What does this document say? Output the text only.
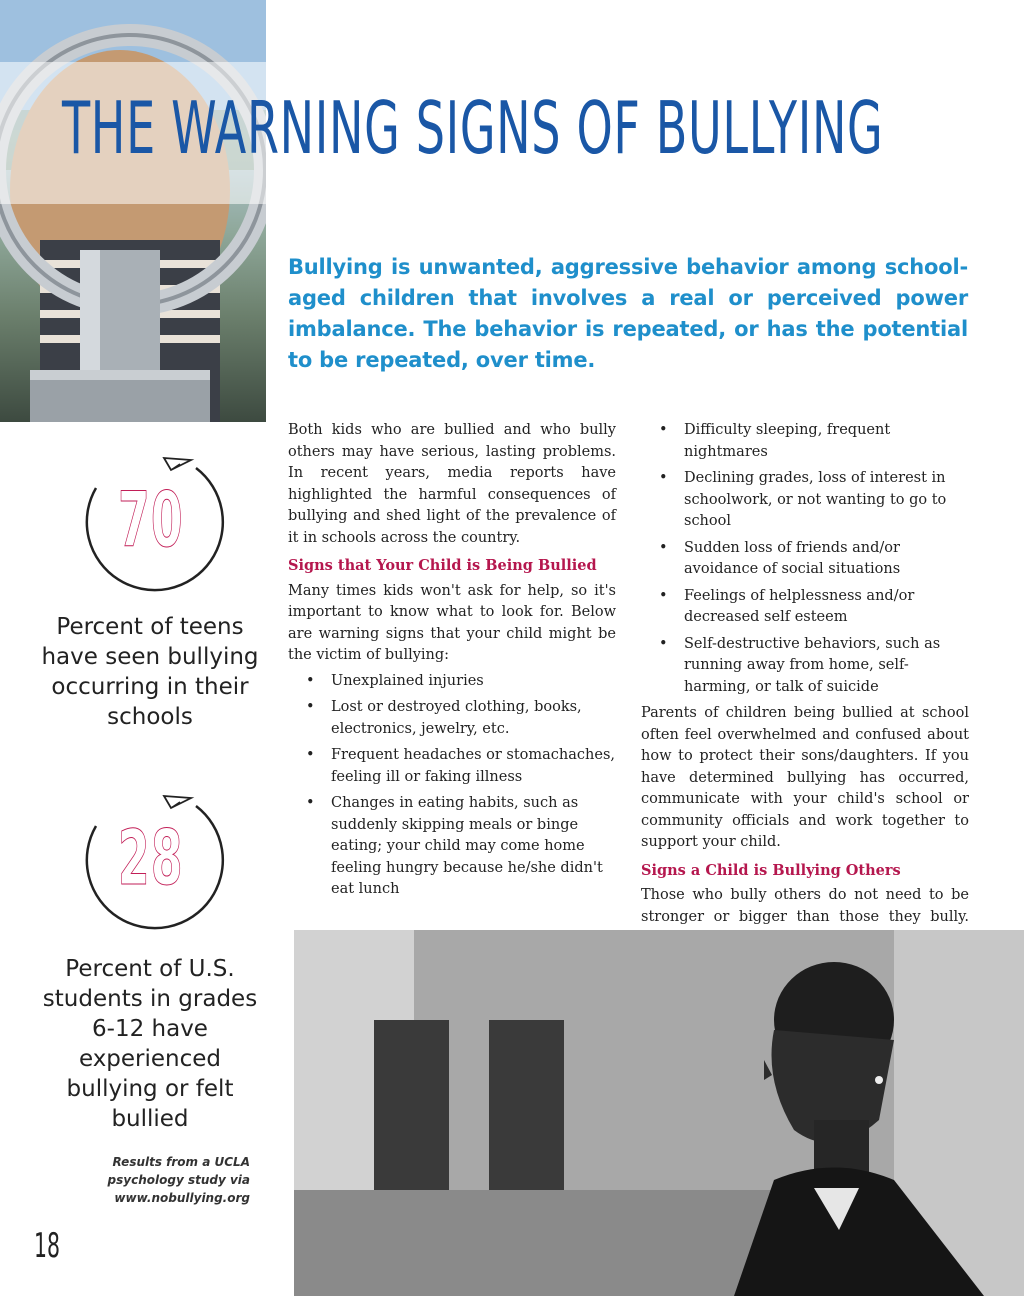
THE WARNING SIGNS OF BULLYING

Bullying is unwanted, aggressive behavior among school-aged children that involves a real or perceived power imbalance. The behavior is repeated, or has the potential to be repeated, over time.

70
Percent of teens have seen bullying occurring in their schools
28
Percent of U.S. students in grades 6-12 have experienced bullying or felt bullied
Results from a UCLA psychology study via www.nobullying.org
18

Both kids who are bullied and who bully others may have serious, lasting problems. In recent years, media reports have highlighted the harmful consequences of bullying and shed light of the prevalence of it in schools across the country.

Signs that Your Child is Being Bullied

Many times kids won't ask for help, so it's important to know what to look for. Below are warning signs that your child might be the victim of bullying:

• Unexplained injuries
• Lost or destroyed clothing, books, electronics, jewelry, etc.
• Frequent headaches or stomachaches, feeling ill or faking illness
• Changes in eating habits, such as suddenly skipping meals or binge eating; your child may come home feeling hungry because he/she didn't eat lunch
• Difficulty sleeping, frequent nightmares
• Declining grades, loss of interest in schoolwork, or not wanting to go to school
• Sudden loss of friends and/or avoidance of social situations
• Feelings of helplessness and/or decreased self esteem
• Self-destructive behaviors, such as running away from home, self-harming, or talk of suicide

Parents of children being bullied at school often feel overwhelmed and confused about how to protect their sons/daughters. If you have determined bullying has occurred, communicate with your child's school or community officials and work together to support your child.

Signs a Child is Bullying Others

Those who bully others do not need to be stronger or bigger than those they bully.
